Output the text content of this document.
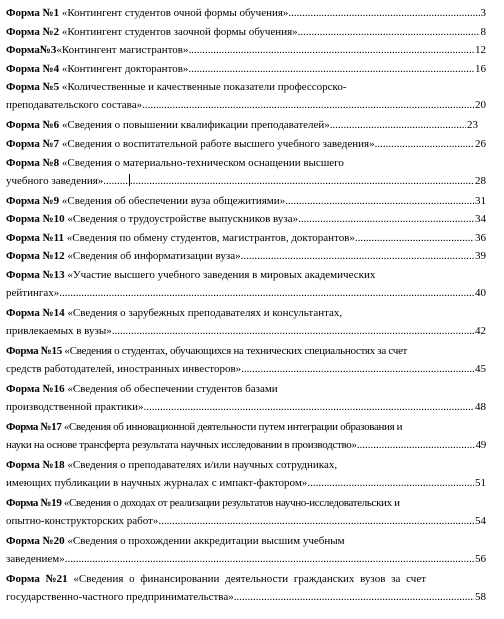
Форма №1 «Контингент студентов очной формы обучения» .....	3
Форма №2 «Контингент студентов заочной формы обучения» .....	8
Форма№3«Контингент магистрантов» .....	12
Форма №4 «Контингент докторантов» .....	16
Форма №5 «Количественные и качественные показатели профессорско-
преподавательского состава» .....	20
Форма №6 «Сведения о повышении квалификации преподавателей» .....	23
Форма №7 «Сведения о воспитательной работе высшего учебного заведения» .....	26
Форма №8 «Сведения о материально-техническом оснащении высшего
учебного заведения»......... .....	28
Форма №9 «Сведения об обеспечении вуза общежитиями» .....	31
Форма №10 «Сведения о трудоустройстве выпускников вуза» .....	34
Форма №11 «Сведения по обмену студентов, магистрантов, докторантов» .....	36
Форма №12 «Сведения об информатизации вуза» .....	39
Форма №13 «Участие высшего учебного заведения в мировых академических
рейтингах» .....	40
Форма №14 «Сведения о зарубежных преподавателях и консультантах,
привлекаемых в вузы» .....	42
Форма №15 «Сведения о студентах, обучающихся на технических специальностях за счет
средств работодателей, иностранных инвесторов» .....	45
Форма №16 «Сведения об обеспечении студентов базами
производственной практики» .....	48
Форма №17 «Сведения об инновационной деятельности путем интеграции образования и
науки на основе трансферта результата научных исследовании в производство» .....	49
Форма №18 «Сведения о преподавателях и/или научных сотрудниках,
имеющих публикации в научных журналах с импакт-фактором» .....	51
Форма №19 «Сведения о доходах от реализации результатов научно-исследовательских и
опытно-конструкторских работ» .....	54
Форма №20 «Сведения о прохождении аккредитации высшим учебным
заведением» .....	56
Форма №21 «Сведения о финансировании деятельности гражданских вузов за счет
государственно-частного предпринимательства» .....	58
